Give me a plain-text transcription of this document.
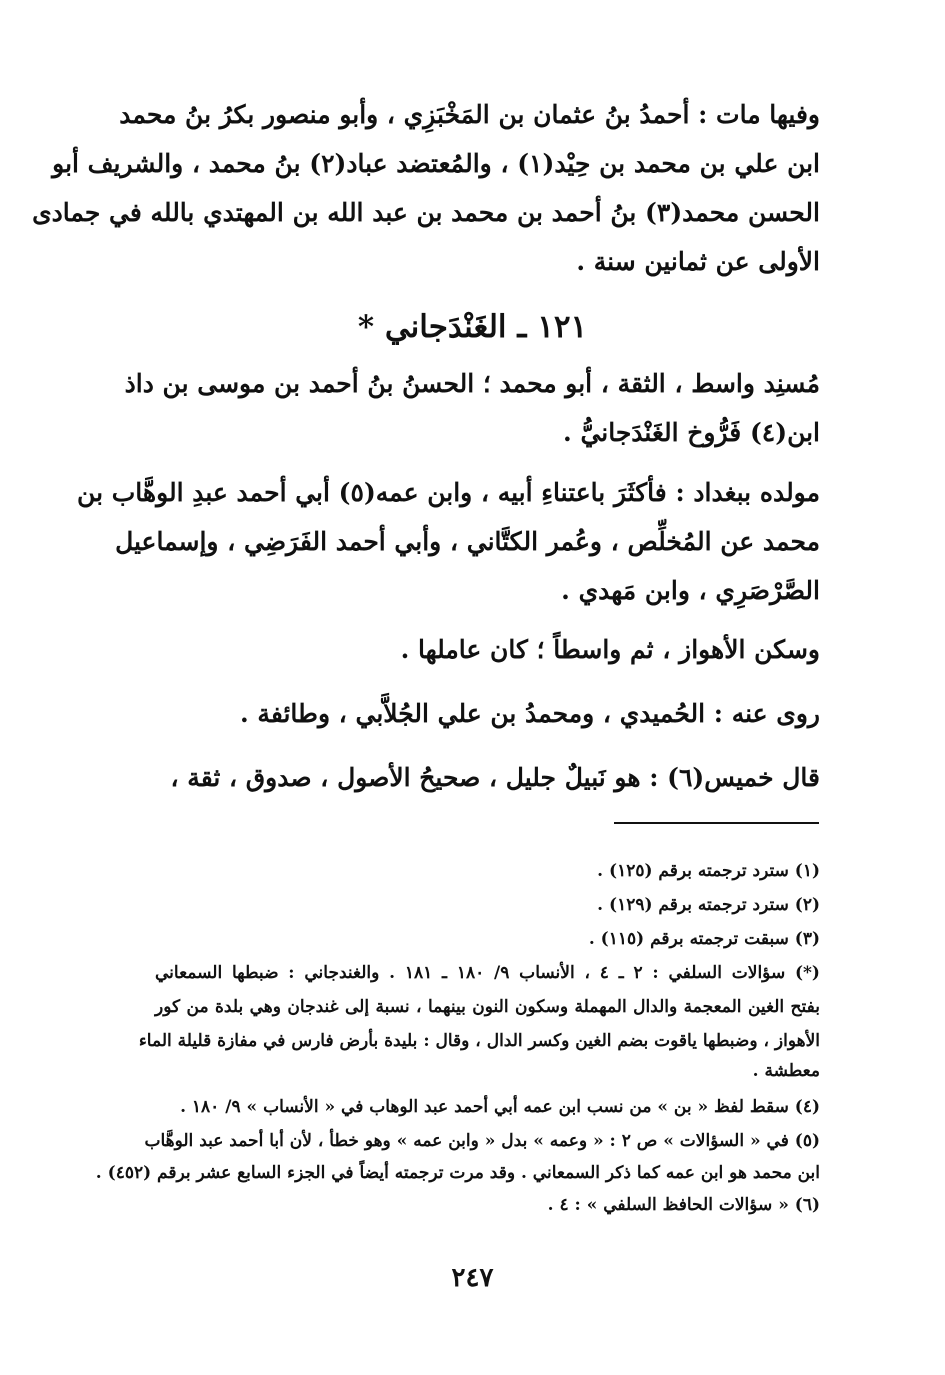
وفيها مات : أحمدُ بنُ عثمان بن المَخْبَزِي ، وأبو منصور بكرُ بنُ محمد
ابن علي بن محمد بن حِيْد(١) ، والمُعتضد عباد(٢) بنُ محمد ، والشريف أبو
الحسن محمد(٣) بنُ أحمد بن محمد بن عبد الله بن المهتدي بالله في جمادى
الأولى عن ثمانين سنة .
١٢١ ـ الغَنْدَجاني *
مُسنِد واسط ، الثقة ، أبو محمد ؛ الحسنُ بنُ أحمد بن موسى بن داذ
ابن(٤) فَرُّوخ الغَنْدَجانيُّ .
مولده ببغداد : فأكثَرَ باعتناءِ أبيه ، وابن عمه(٥) أبي أحمد عبدِ الوهَّاب بن
محمد عن المُخلِّص ، وعُمر الكتَّاني ، وأبي أحمد الفَرَضِي ، وإسماعيل
الصَّرْصَرِي ، وابن مَهدي .
وسكن الأهواز ، ثم واسطاً ؛ كان عاملها .
روى عنه : الحُميدي ، ومحمدُ بن علي الجُلاَّبي ، وطائفة .
قال خميس(٦) : هو نَبيلٌ جليل ، صحيحُ الأصول ، صدوق ، ثقة ،
(١) سترد ترجمته برقم (١٢٥) .
(٢) سترد ترجمته برقم (١٢٩) .
(٣) سبقت ترجمته برقم (١١٥) .
(*) سؤالات السلفي : ٢ ـ ٤ ، الأنساب ٩/ ١٨٠ ـ ١٨١ . والغندجاني : ضبطها السمعاني
بفتح الغين المعجمة والدال المهملة وسكون النون بينهما ، نسبة إلى غندجان وهي بلدة من كور
الأهواز ، وضبطها ياقوت بضم الغين وكسر الدال ، وقال : بليدة بأرض فارس في مفازة قليلة الماء
معطشة .
(٤) سقط لفظ « بن » من نسب ابن عمه أبي أحمد عبد الوهاب في « الأنساب » ٩/ ١٨٠ .
(٥) في « السؤالات » ص ٢ : « وعمه » بدل « وابن عمه » وهو خطأ ، لأن أبا أحمد عبد الوهَّاب
ابن محمد هو ابن عمه كما ذكر السمعاني . وقد مرت ترجمته أيضاً في الجزء السابع عشر برقم (٤٥٢) .
(٦) « سؤالات الحافظ السلفي » : ٤ .
٢٤٧
